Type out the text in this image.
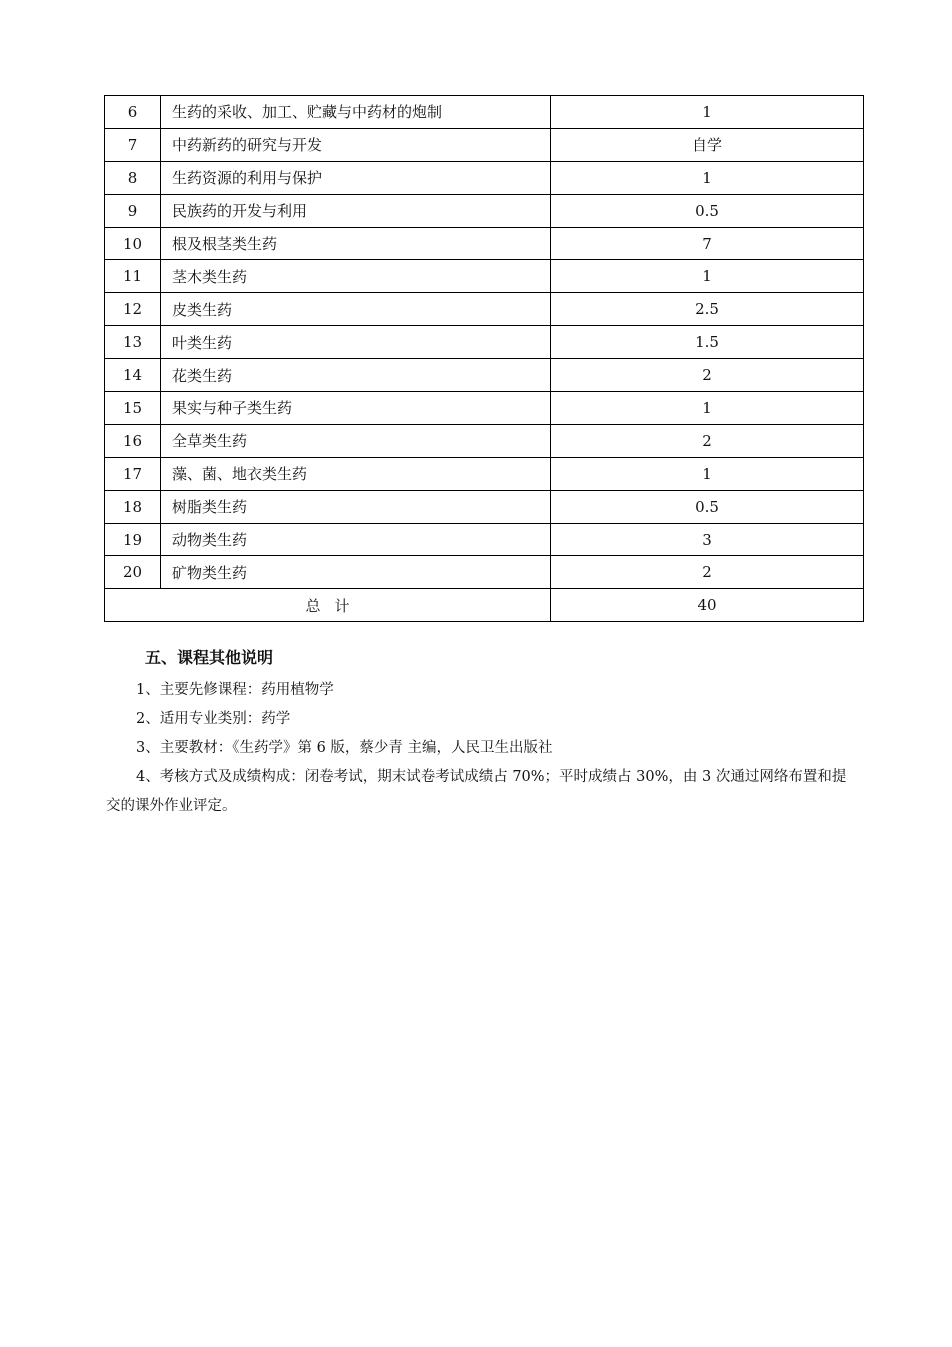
6	生药的采收、加工、贮藏与中药材的炮制	1
7	中药新药的研究与开发	自学
8	生药资源的利用与保护	1
9	民族药的开发与利用	0.5
10	根及根茎类生药	7
11	茎木类生药	1
12	皮类生药	2.5
13	叶类生药	1.5
14	花类生药	2
15	果实与种子类生药	1
16	全草类生药	2
17	藻、菌、地衣类生药	1
18	树脂类生药	0.5
19	动物类生药	3
20	矿物类生药	2
总计		40
五、课程其他说明

1、主要先修课程：药用植物学

2、适用专业类别：药学

3、主要教材：《生药学》第 6 版，蔡少青 主编，人民卫生出版社

4、考核方式及成绩构成：闭卷考试，期末试卷考试成绩占 70%；平时成绩占 30%，由 3 次通过网络布置和提交的课外作业评定。
